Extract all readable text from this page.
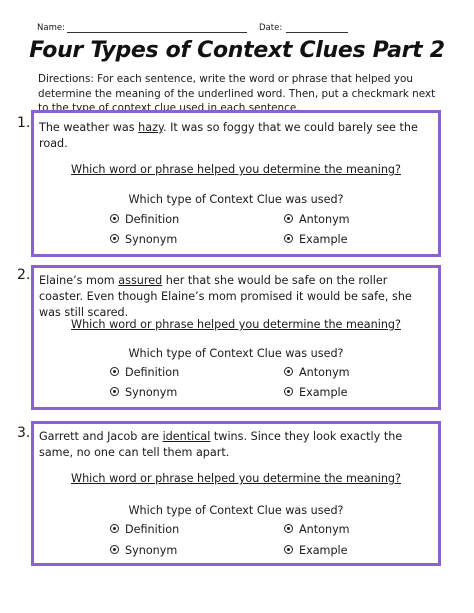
Name:	Date:
Four Types of Context Clues Part 2
Directions: For each sentence, write the word or phrase that helped you determine the meaning of the underlined word. Then, put a checkmark next to the type of context clue used in each sentence.
1. The weather was hazy. It was so foggy that we could barely see the road.
Which word or phrase helped you determine the meaning?
Which type of Context Clue was used?
Definition	Antonym
Synonym	Example
2. Elaine’s mom assured her that she would be safe on the roller coaster. Even though Elaine’s mom promised it would be safe, she was still scared.
Which word or phrase helped you determine the meaning?
Which type of Context Clue was used?
Definition	Antonym
Synonym	Example
3. Garrett and Jacob are identical twins. Since they look exactly the same, no one can tell them apart.
Which word or phrase helped you determine the meaning?
Which type of Context Clue was used?
Definition	Antonym
Synonym	Example
